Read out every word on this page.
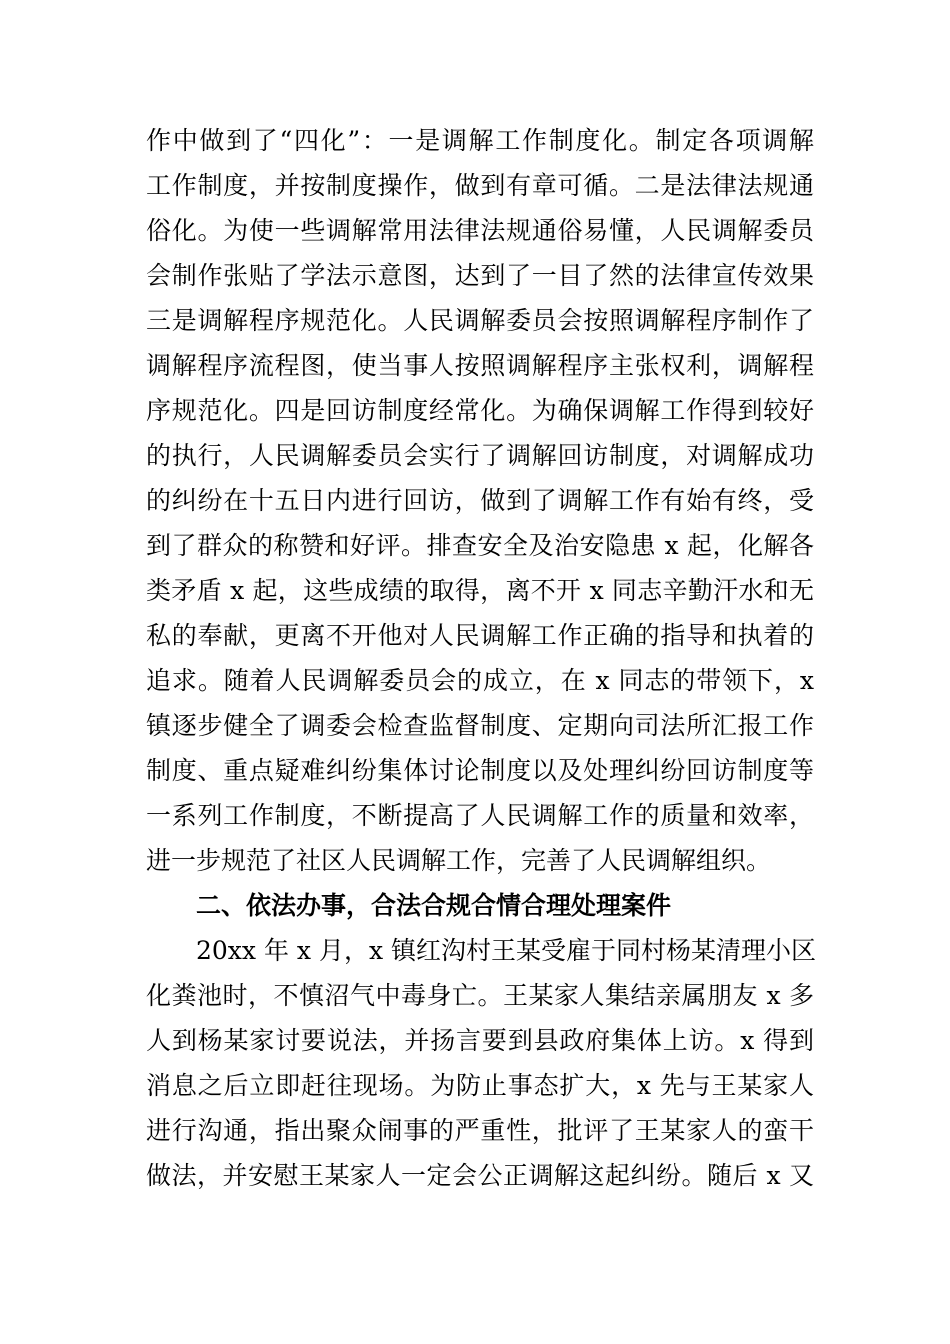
作中做到了“四化”：一是调解工作制度化。制定各项调解
工作制度，并按制度操作，做到有章可循。二是法律法规通
俗化。为使一些调解常用法律法规通俗易懂，人民调解委员
会制作张贴了学法示意图，达到了一目了然的法律宣传效果
三是调解程序规范化。人民调解委员会按照调解程序制作了
调解程序流程图，使当事人按照调解程序主张权利，调解程
序规范化。四是回访制度经常化。为确保调解工作得到较好
的执行，人民调解委员会实行了调解回访制度，对调解成功
的纠纷在十五日内进行回访，做到了调解工作有始有终，受
到了群众的称赞和好评。排查安全及治安隐患 x 起，化解各
类矛盾 x 起，这些成绩的取得，离不开 x 同志辛勤汗水和无
私的奉献，更离不开他对人民调解工作正确的指导和执着的
追求。随着人民调解委员会的成立，在 x 同志的带领下，x
镇逐步健全了调委会检查监督制度、定期向司法所汇报工作
制度、重点疑难纠纷集体讨论制度以及处理纠纷回访制度等
一系列工作制度，不断提高了人民调解工作的质量和效率，
进一步规范了社区人民调解工作，完善了人民调解组织。
二、依法办事，合法合规合情合理处理案件
20xx 年 x 月，x 镇红沟村王某受雇于同村杨某清理小区
化粪池时，不慎沼气中毒身亡。王某家人集结亲属朋友 x 多
人到杨某家讨要说法，并扬言要到县政府集体上访。x 得到
消息之后立即赶往现场。为防止事态扩大，x 先与王某家人
进行沟通，指出聚众闹事的严重性，批评了王某家人的蛮干
做法，并安慰王某家人一定会公正调解这起纠纷。随后 x 又
